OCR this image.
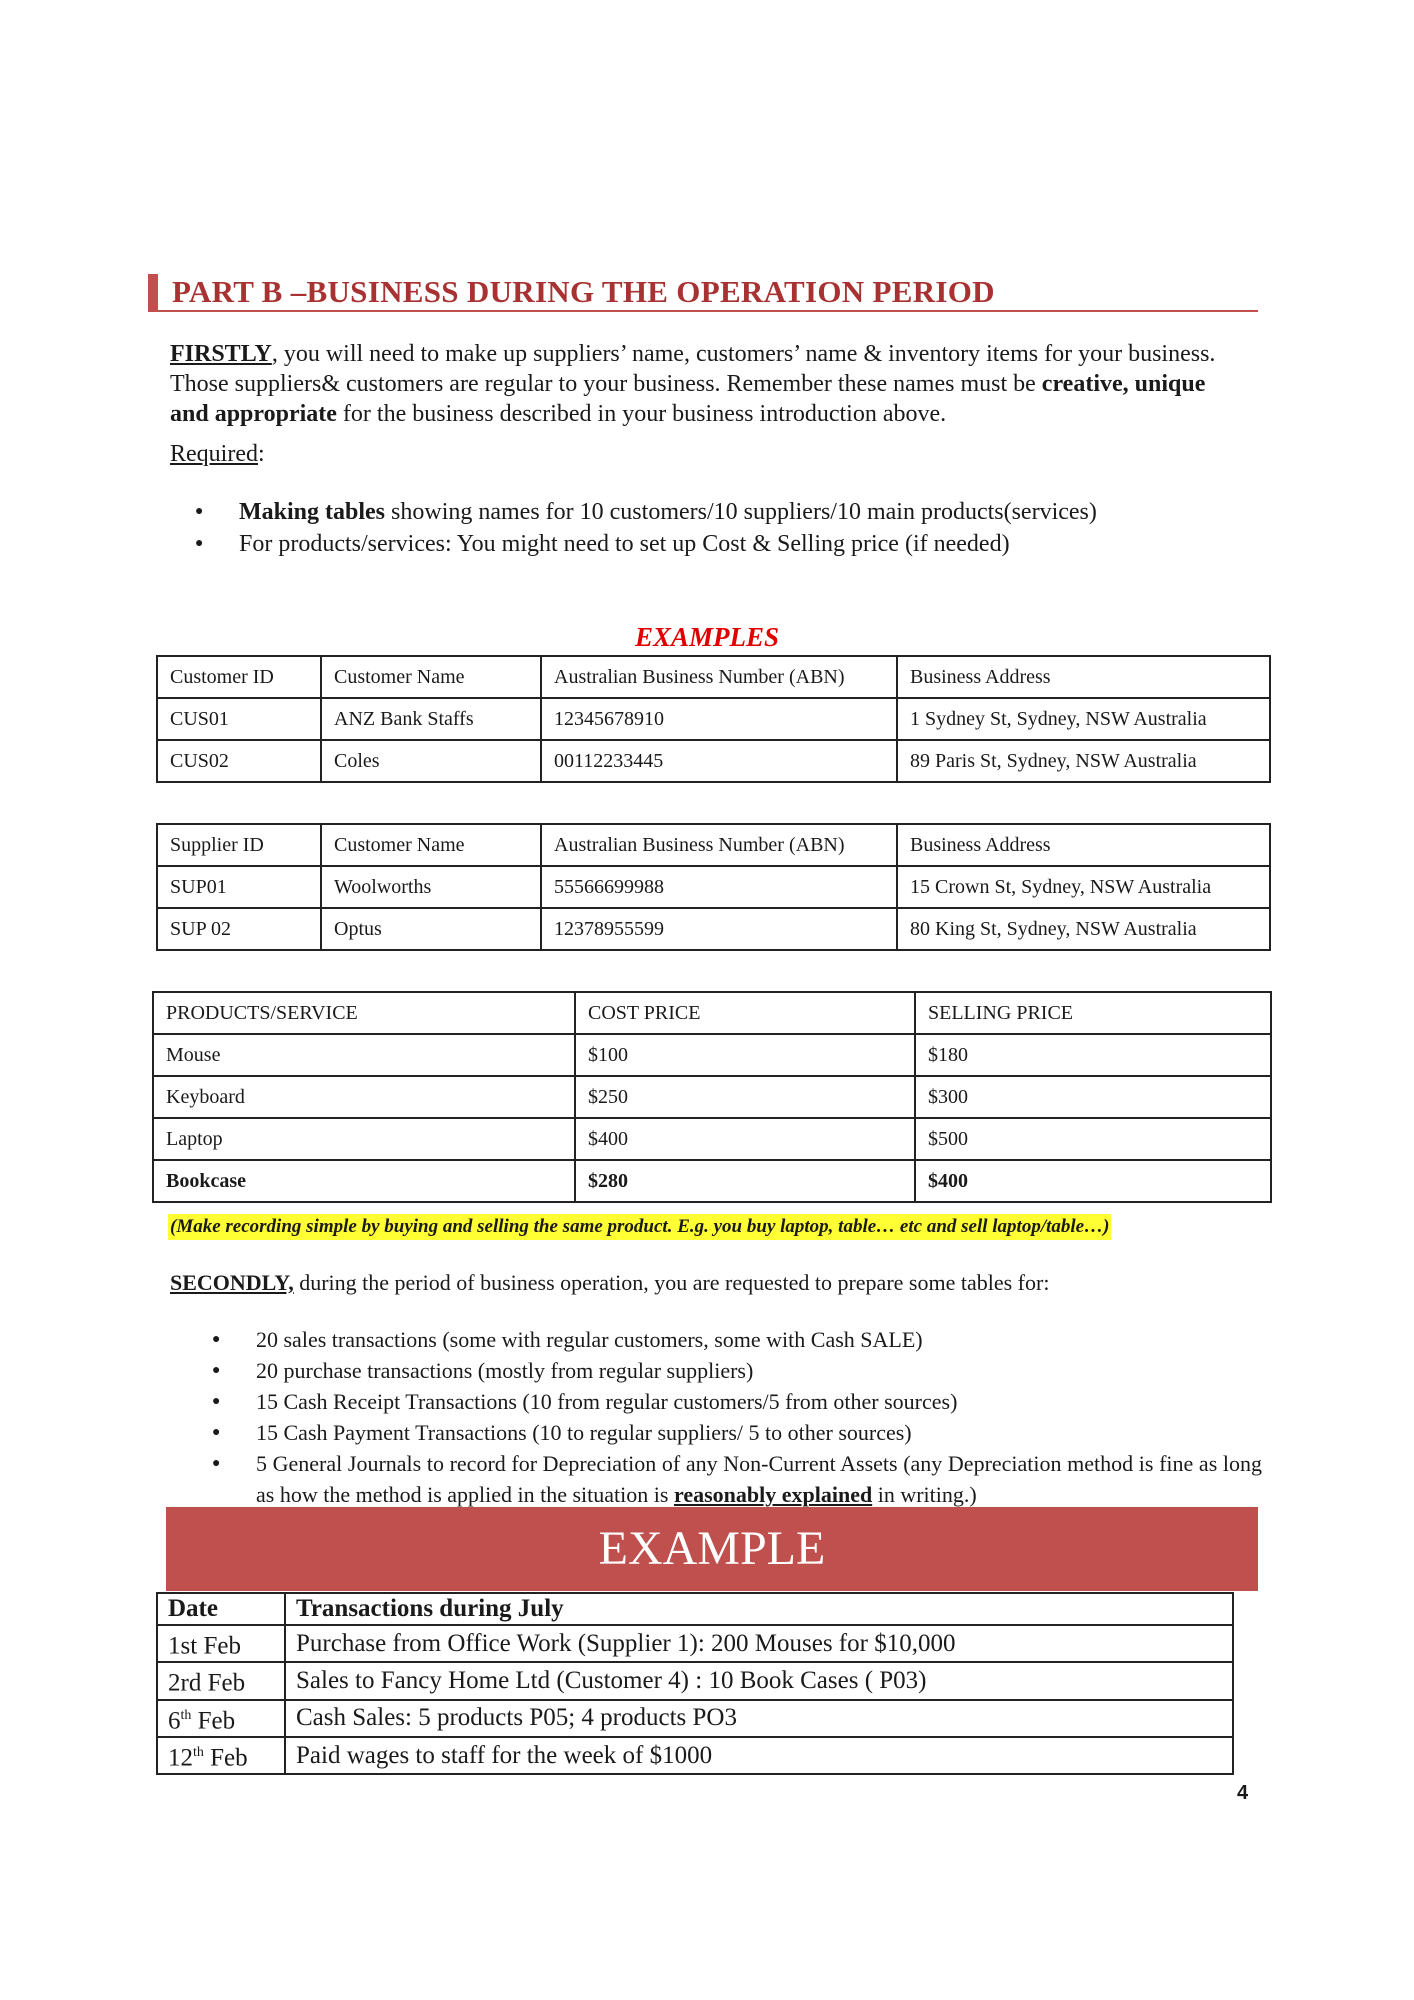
PART B –BUSINESS DURING THE OPERATION PERIOD

FIRSTLY, you will need to make up suppliers’ name, customers’ name & inventory items for your business. Those suppliers& customers are regular to your business. Remember these names must be creative, unique and appropriate for the business described in your business introduction above.

Required:
● Making tables showing names for 10 customers/10 suppliers/10 main products(services)
● For products/services: You might need to set up Cost & Selling price (if needed)
EXAMPLES
Customer ID	Customer Name	Australian Business Number (ABN)	Business Address
CUS01	ANZ Bank Staffs	12345678910	1 Sydney St, Sydney, NSW Australia
CUS02	Coles	00112233445	89 Paris St, Sydney, NSW Australia
Supplier ID	Customer Name	Australian Business Number (ABN)	Business Address
SUP01	Woolworths	55566699988	15 Crown St, Sydney, NSW Australia
SUP 02	Optus	12378955599	80 King St, Sydney, NSW Australia
PRODUCTS/SERVICE	COST PRICE	SELLING PRICE
Mouse	$100	$180
Keyboard	$250	$300
Laptop	$400	$500
Bookcase	$280	$400
(Make recording simple by buying and selling the same product. E.g. you buy laptop, table… etc and sell laptop/table…)
SECONDLY, during the period of business operation, you are requested to prepare some tables for:
● 20 sales transactions (some with regular customers, some with Cash SALE)
● 20 purchase transactions (mostly from regular suppliers)
● 15 Cash Receipt Transactions (10 from regular customers/5 from other sources)
● 15 Cash Payment Transactions (10 to regular suppliers/ 5 to other sources)
● 5 General Journals to record for Depreciation of any Non-Current Assets (any Depreciation method is fine as long as how the method is applied in the situation is reasonably explained in writing.)
EXAMPLE
Date	Transactions during July
1st Feb	Purchase from Office Work (Supplier 1): 200 Mouses for $10,000
2rd Feb	Sales to Fancy Home Ltd (Customer 4) : 10 Book Cases ( P03)
6th Feb	Cash Sales: 5 products P05; 4 products PO3
12th Feb	Paid wages to staff for the week of $1000
4
